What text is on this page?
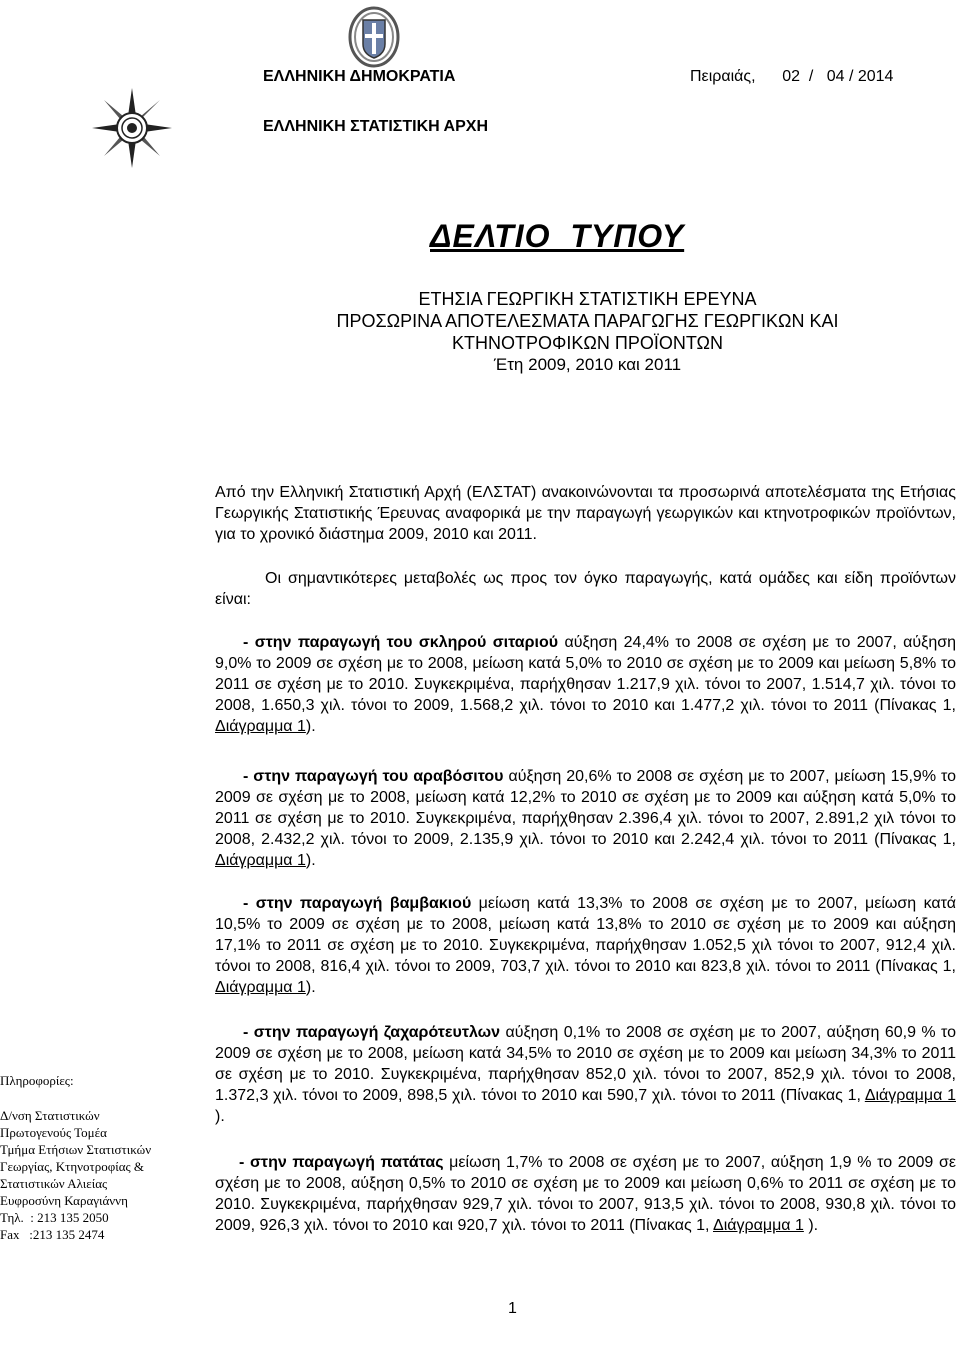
ΕΛΛΗΝΙΚΗ ΔΗΜΟΚΡΑΤΙΑ	Πειραιάς,      02  /   04 / 2014
ΕΛΛΗΝΙΚΗ ΣΤΑΤΙΣΤΙΚΗ ΑΡΧΗ
ΔΕΛΤΙΟ  ΤΥΠΟΥ
ΕΤΗΣΙΑ ΓΕΩΡΓΙΚΗ ΣΤΑΤΙΣΤΙΚΗ ΕΡΕΥΝΑ
ΠΡΟΣΩΡΙΝΑ ΑΠΟΤΕΛΕΣΜΑΤΑ ΠΑΡΑΓΩΓΗΣ ΓΕΩΡΓΙΚΩΝ ΚΑΙ
ΚΤΗΝΟΤΡΟΦΙΚΩΝ ΠΡΟΪΟΝΤΩΝ
Έτη 2009, 2010 και 2011

Από την Ελληνική Στατιστική Αρχή (ΕΛΣΤΑΤ) ανακοινώνονται τα προσωρινά αποτελέσματα της Ετήσιας Γεωργικής Στατιστικής Έρευνας αναφορικά με την παραγωγή γεωργικών και κτηνοτροφικών προϊόντων, για το χρονικό διάστημα 2009, 2010 και 2011.

Οι σημαντικότερες μεταβολές ως προς τον όγκο παραγωγής, κατά ομάδες και είδη προϊόντων είναι:

- στην παραγωγή του σκληρού σιταριού αύξηση 24,4% το 2008 σε σχέση με το 2007, αύξηση 9,0% το 2009 σε σχέση με το 2008, μείωση κατά 5,0% το 2010 σε σχέση με το 2009 και μείωση 5,8% το 2011 σε σχέση με το 2010. Συγκεκριμένα, παρήχθησαν 1.217,9 χιλ. τόνοι το 2007, 1.514,7 χιλ. τόνοι το 2008, 1.650,3 χιλ. τόνοι το 2009, 1.568,2 χιλ. τόνοι το 2010 και 1.477,2 χιλ. τόνοι το 2011 (Πίνακας 1, Διάγραμμα 1).

- στην παραγωγή του αραβόσιτου αύξηση 20,6% το 2008 σε σχέση με το 2007, μείωση 15,9% το 2009 σε σχέση με το 2008, μείωση κατά 12,2% το 2010 σε σχέση με το 2009 και αύξηση κατά 5,0% το 2011 σε σχέση με το 2010. Συγκεκριμένα, παρήχθησαν 2.396,4 χιλ. τόνοι το 2007, 2.891,2 χιλ τόνοι το 2008, 2.432,2 χιλ. τόνοι το 2009, 2.135,9 χιλ. τόνοι το 2010 και 2.242,4 χιλ. τόνοι το 2011 (Πίνακας 1, Διάγραμμα 1).

- στην παραγωγή βαμβακιού μείωση κατά 13,3% το 2008 σε σχέση με το 2007, μείωση κατά 10,5% το 2009 σε σχέση με το 2008, μείωση κατά 13,8% το 2010 σε σχέση με το 2009 και αύξηση 17,1% το 2011 σε σχέση με το 2010. Συγκεκριμένα, παρήχθησαν 1.052,5 χιλ τόνοι το 2007, 912,4 χιλ. τόνοι το 2008, 816,4 χιλ. τόνοι το 2009, 703,7 χιλ. τόνοι το 2010 και 823,8 χιλ. τόνοι το 2011 (Πίνακας 1, Διάγραμμα 1).

- στην παραγωγή ζαχαρότευτλων αύξηση 0,1% το 2008 σε σχέση με το 2007, αύξηση 60,9 % το 2009 σε σχέση με το 2008, μείωση κατά 34,5% το 2010 σε σχέση με το 2009 και μείωση 34,3% το 2011 σε σχέση με το 2010. Συγκεκριμένα, παρήχθησαν 852,0 χιλ. τόνοι το 2007, 852,9 χιλ. τόνοι το 2008, 1.372,3 χιλ. τόνοι το 2009, 898,5 χιλ. τόνοι το 2010 και 590,7 χιλ. τόνοι το 2011 (Πίνακας 1, Διάγραμμα 1 ).

- στην παραγωγή πατάτας μείωση 1,7% το 2008 σε σχέση με το 2007, αύξηση 1,9 % το 2009 σε σχέση με το 2008, αύξηση 0,5% το 2010 σε σχέση με το 2009 και μείωση 0,6% το 2011 σε σχέση με το 2010. Συγκεκριμένα, παρήχθησαν 929,7 χιλ. τόνοι το 2007, 913,5 χιλ. τόνοι το 2008, 930,8 χιλ. τόνοι το 2009, 926,3 χιλ. τόνοι το 2010 και 920,7 χιλ. τόνοι το 2011 (Πίνακας 1, Διάγραμμα 1 ).

Πληροφορίες:
Δ/νση Στατιστικών
Πρωτογενούς Τομέα
Τμήμα Ετήσιων Στατιστικών
Γεωργίας, Κτηνοτροφίας &
Στατιστικών Αλιείας
Ευφροσύνη Καραγιάννη
Τηλ.  : 213 135 2050
Fax   :213 135 2474
1
